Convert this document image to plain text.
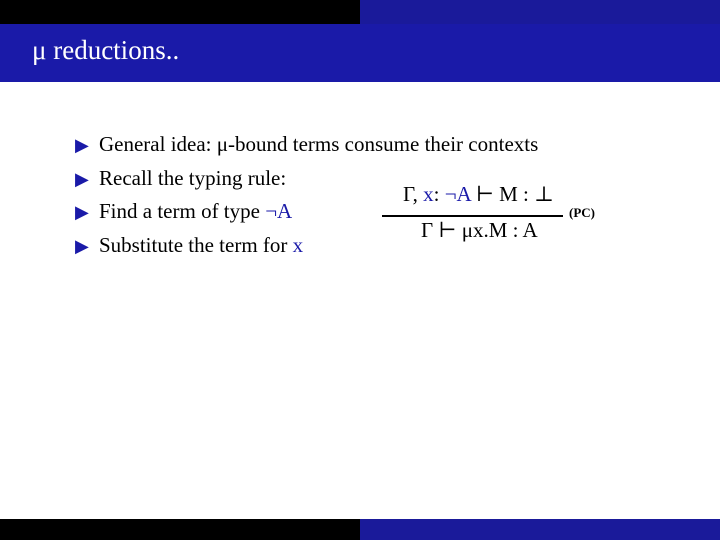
μ reductions..
▶ General idea: μ-bound terms consume their contexts
▶ Recall the typing rule:
▶ Find a term of type ¬A
▶ Substitute the term for x
Γ, x: ¬A ⊢ M : ⊥
(PC)
Γ ⊢ μx.M : A
